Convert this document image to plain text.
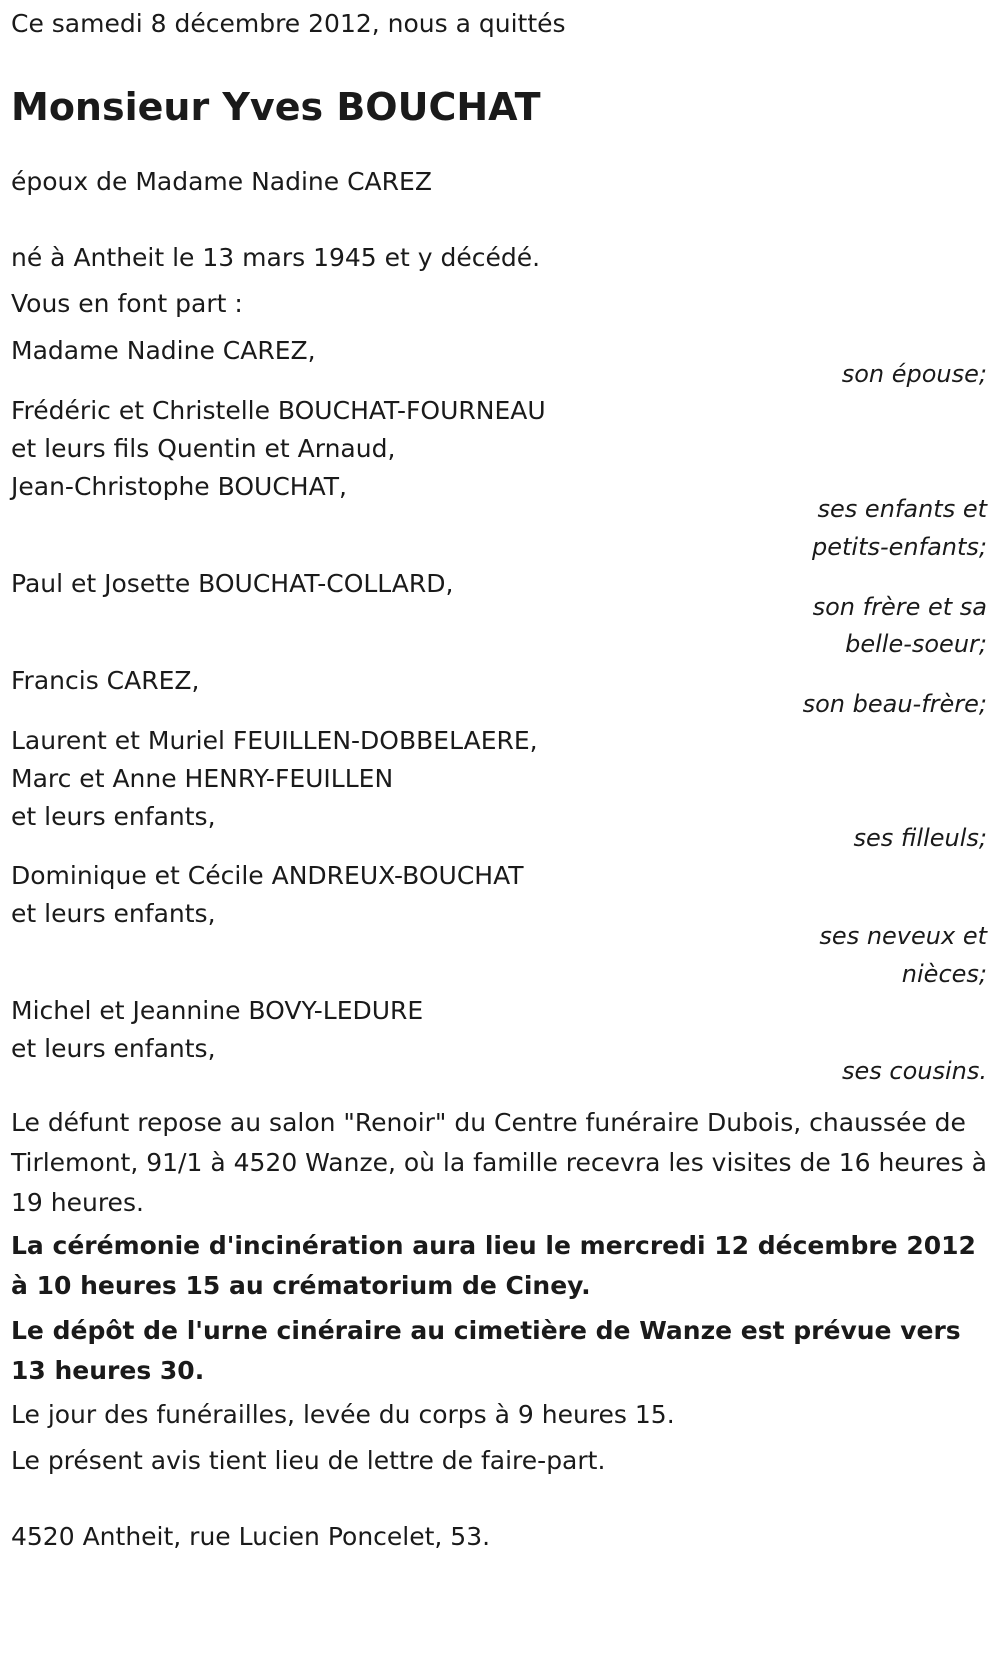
Ce samedi 8 décembre 2012, nous a quittés

Monsieur Yves BOUCHAT

époux de Madame Nadine CAREZ

né à Antheit le 13 mars 1945 et y décédé.

Vous en font part :

Madame Nadine CAREZ,

son épouse;

Frédéric et Christelle BOUCHAT-FOURNEAU

et leurs fils Quentin et Arnaud,

Jean-Christophe BOUCHAT,

ses enfants et
petits-enfants;

Paul et Josette BOUCHAT-COLLARD,

son frère et sa
belle-soeur;

Francis CAREZ,

son beau-frère;

Laurent et Muriel FEUILLEN-DOBBELAERE,

Marc et Anne HENRY-FEUILLEN

et leurs enfants,

ses filleuls;

Dominique et Cécile ANDREUX-BOUCHAT

et leurs enfants,

ses neveux et
nièces;

Michel et Jeannine BOVY-LEDURE

et leurs enfants,

ses cousins.

Le défunt repose au salon "Renoir" du Centre funéraire Dubois, chaussée de Tirlemont, 91/1 à 4520 Wanze, où la famille recevra les visites de 16 heures à 19 heures.

La cérémonie d'incinération aura lieu le mercredi 12 décembre 2012 à 10 heures 15 au crématorium de Ciney.

Le dépôt de l'urne cinéraire au cimetière de Wanze est prévue vers 13 heures 30.

Le jour des funérailles, levée du corps à 9 heures 15.

Le présent avis tient lieu de lettre de faire-part.

4520 Antheit, rue Lucien Poncelet, 53.
